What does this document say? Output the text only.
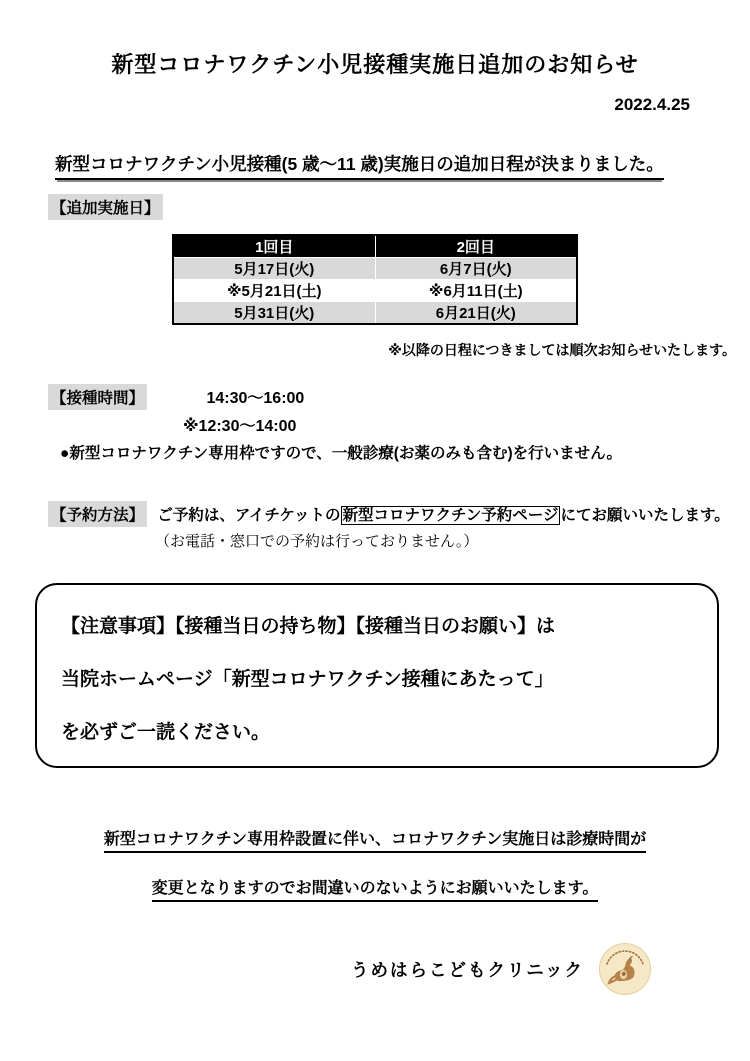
新型コロナワクチン小児接種実施日追加のお知らせ
2022.4.25
新型コロナワクチン小児接種(5 歳～11 歳)実施日の追加日程が決まりました。
【追加実施日】
1回目	2回目
5月17日(火)	6月7日(火)
※5月21日(土)	※6月11日(土)
5月31日(火)	6月21日(火)
※以降の日程につきましては順次お知らせいたします。
【接種時間】	14:30～16:00
※12:30～14:00
●新型コロナワクチン専用枠ですので、一般診療(お薬のみも含む)を行いません。
【予約方法】 ご予約は、アイチケットの 新型コロナワクチン予約ページ にてお願いいたします。
（お電話・窓口での予約は行っておりません。）
【注意事項】【接種当日の持ち物】【接種当日のお願い】は
当院ホームページ「新型コロナワクチン接種にあたって」
を必ずご一読ください。
新型コロナワクチン専用枠設置に伴い、コロナワクチン実施日は診療時間が
変更となりますのでお間違いのないようにお願いいたします。
うめはらこどもクリニック
